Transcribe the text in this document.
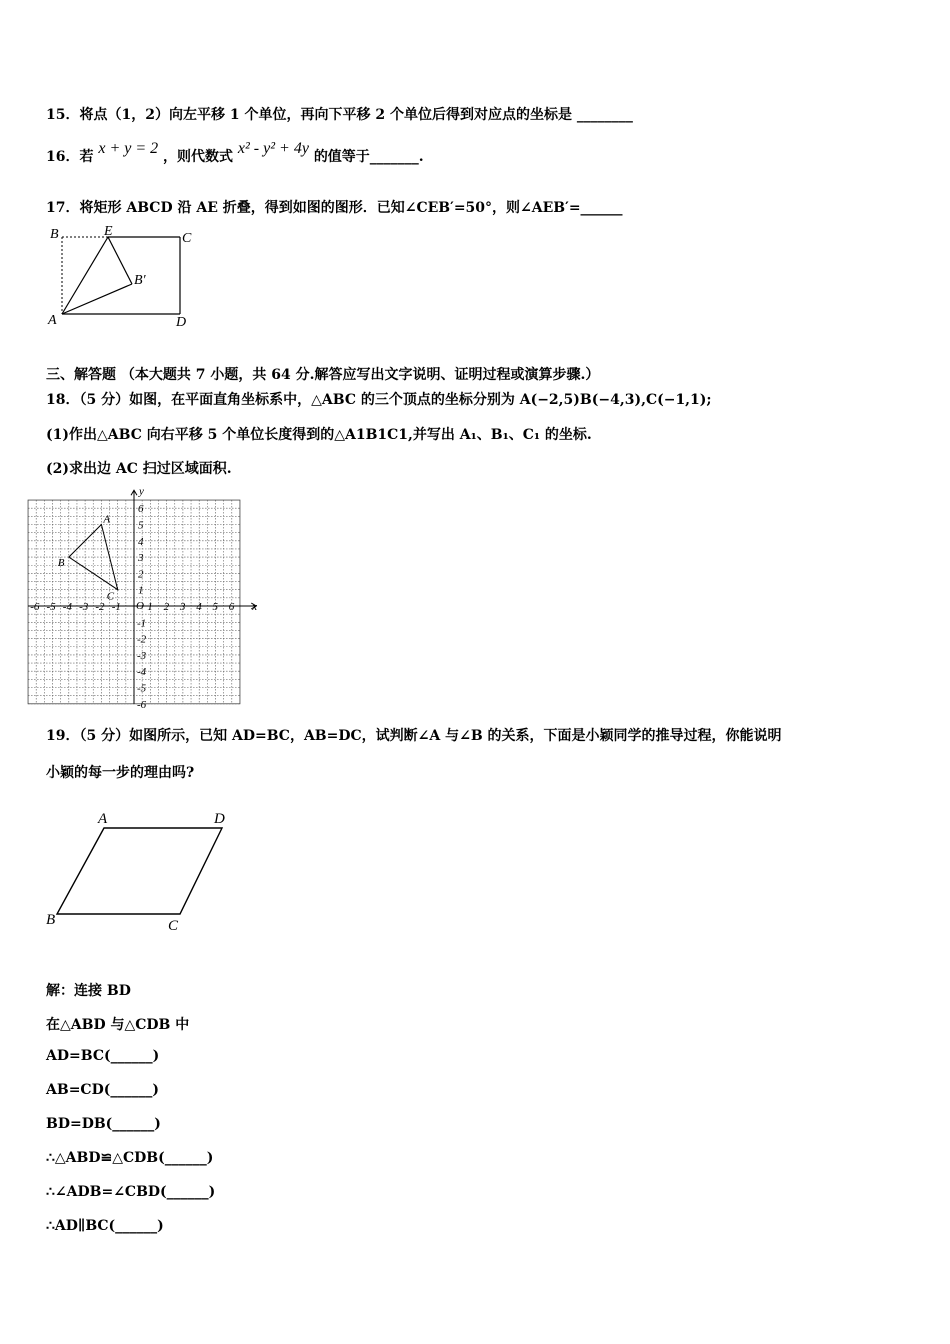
15．将点（1，2）向左平移 1 个单位，再向下平移 2 个单位后得到对应点的坐标是 ________
16．若 x + y = 2 ，则代数式 x² - y² + 4y 的值等于_______.
17．将矩形 ABCD 沿 AE 折叠，得到如图的图形．已知∠CEB′=50°，则∠AEB′=______
B	E	C
B′
A	D
三、解答题 （本大题共 7 小题，共 64 分.解答应写出文字说明、证明过程或演算步骤.）
18．（5 分）如图，在平面直角坐标系中，△ABC 的三个顶点的坐标分别为 A(−2,5)B(−4,3),C(−1,1);
(1)作出△ABC 向右平移 5 个单位长度得到的△A1B1C1,并写出 A₁、B₁、C₁ 的坐标.
(2)求出边 AC 扫过区域面积.
x
y
O
-6 -5 -4 -3 -2 -1 1 2 3 4 5 6
6
5
4
3
2
1
-1
-2
-3
-4
-5
-6
A
B
C
19．（5 分）如图所示，已知 AD=BC，AB=DC，试判断∠A 与∠B 的关系，下面是小颖同学的推导过程，你能说明
小颖的每一步的理由吗?
A	D
B	C
解：连接 BD
在△ABD 与△CDB 中
AD=BC(______)
AB=CD(______)
BD=DB(______)
∴△ABD≌△CDB(______)
∴∠ADB=∠CBD(______)
∴AD∥BC(______)
